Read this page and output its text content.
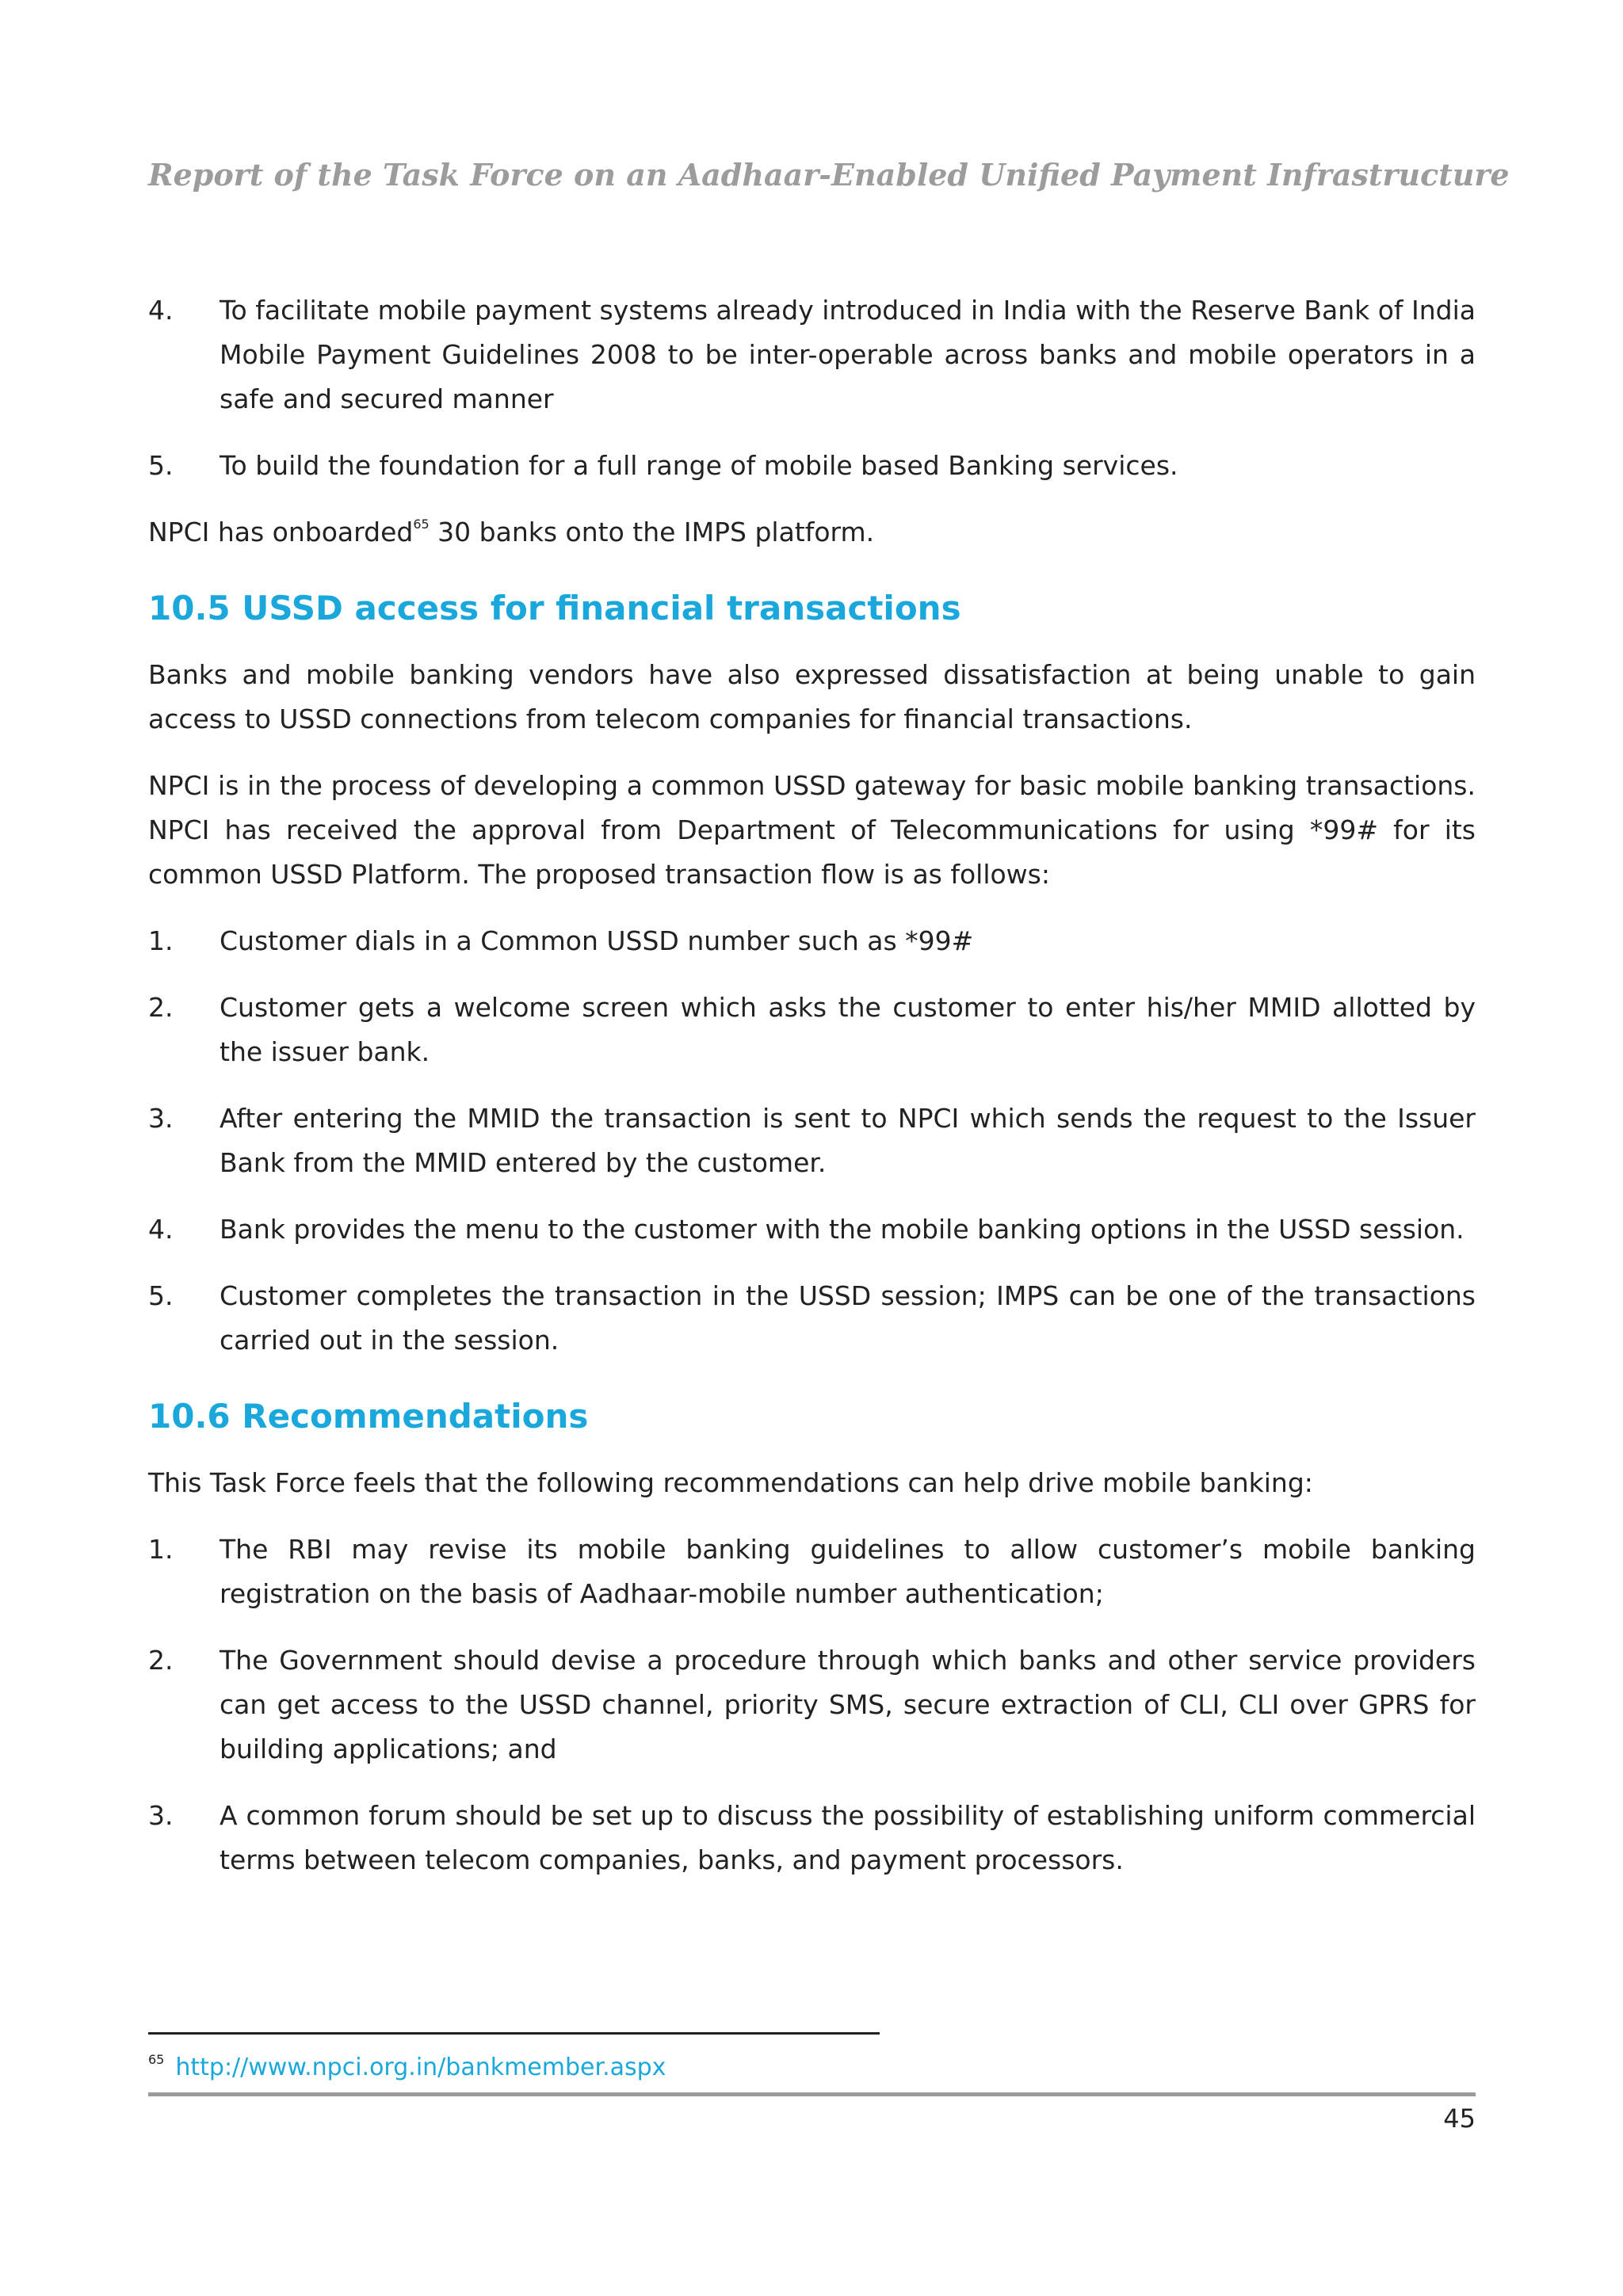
Report of the Task Force on an Aadhaar-Enabled Unified Payment Infrastructure
4.	To facilitate mobile payment systems already introduced in India with the Reserve Bank of India Mobile Payment Guidelines 2008 to be inter-operable across banks and mobile operators in a safe and secured manner
5.	To build the foundation for a full range of mobile based Banking services.

NPCI has onboarded$^{65}$ 30 banks onto the IMPS platform.

10.5 USSD access for financial transactions

Banks and mobile banking vendors have also expressed dissatisfaction at being unable to gain access to USSD connections from telecom companies for financial transactions.

NPCI is in the process of developing a common USSD gateway for basic mobile banking transactions. NPCI has received the approval from Department of Telecommunications for using *99# for its common USSD Platform. The proposed transaction flow is as follows:

1.	Customer dials in a Common USSD number such as *99#
2.	Customer gets a welcome screen which asks the customer to enter his/her MMID allotted by the issuer bank.
3.	After entering the MMID the transaction is sent to NPCI which sends the request to the Issuer Bank from the MMID entered by the customer.
4.	Bank provides the menu to the customer with the mobile banking options in the USSD session.
5.	Customer completes the transaction in the USSD session; IMPS can be one of the transactions carried out in the session.
10.6 Recommendations

This Task Force feels that the following recommendations can help drive mobile banking:

1.	The RBI may revise its mobile banking guidelines to allow customer’s mobile banking registration on the basis of Aadhaar-mobile number authentication;
2.	The Government should devise a procedure through which banks and other service providers can get access to the USSD channel, priority SMS, secure extraction of CLI, CLI over GPRS for building applications; and
3.	A common forum should be set up to discuss the possibility of establishing uniform commercial terms between telecom companies, banks, and payment processors.
$^{65}$ http://www.npci.org.in/bankmember.aspx
45
